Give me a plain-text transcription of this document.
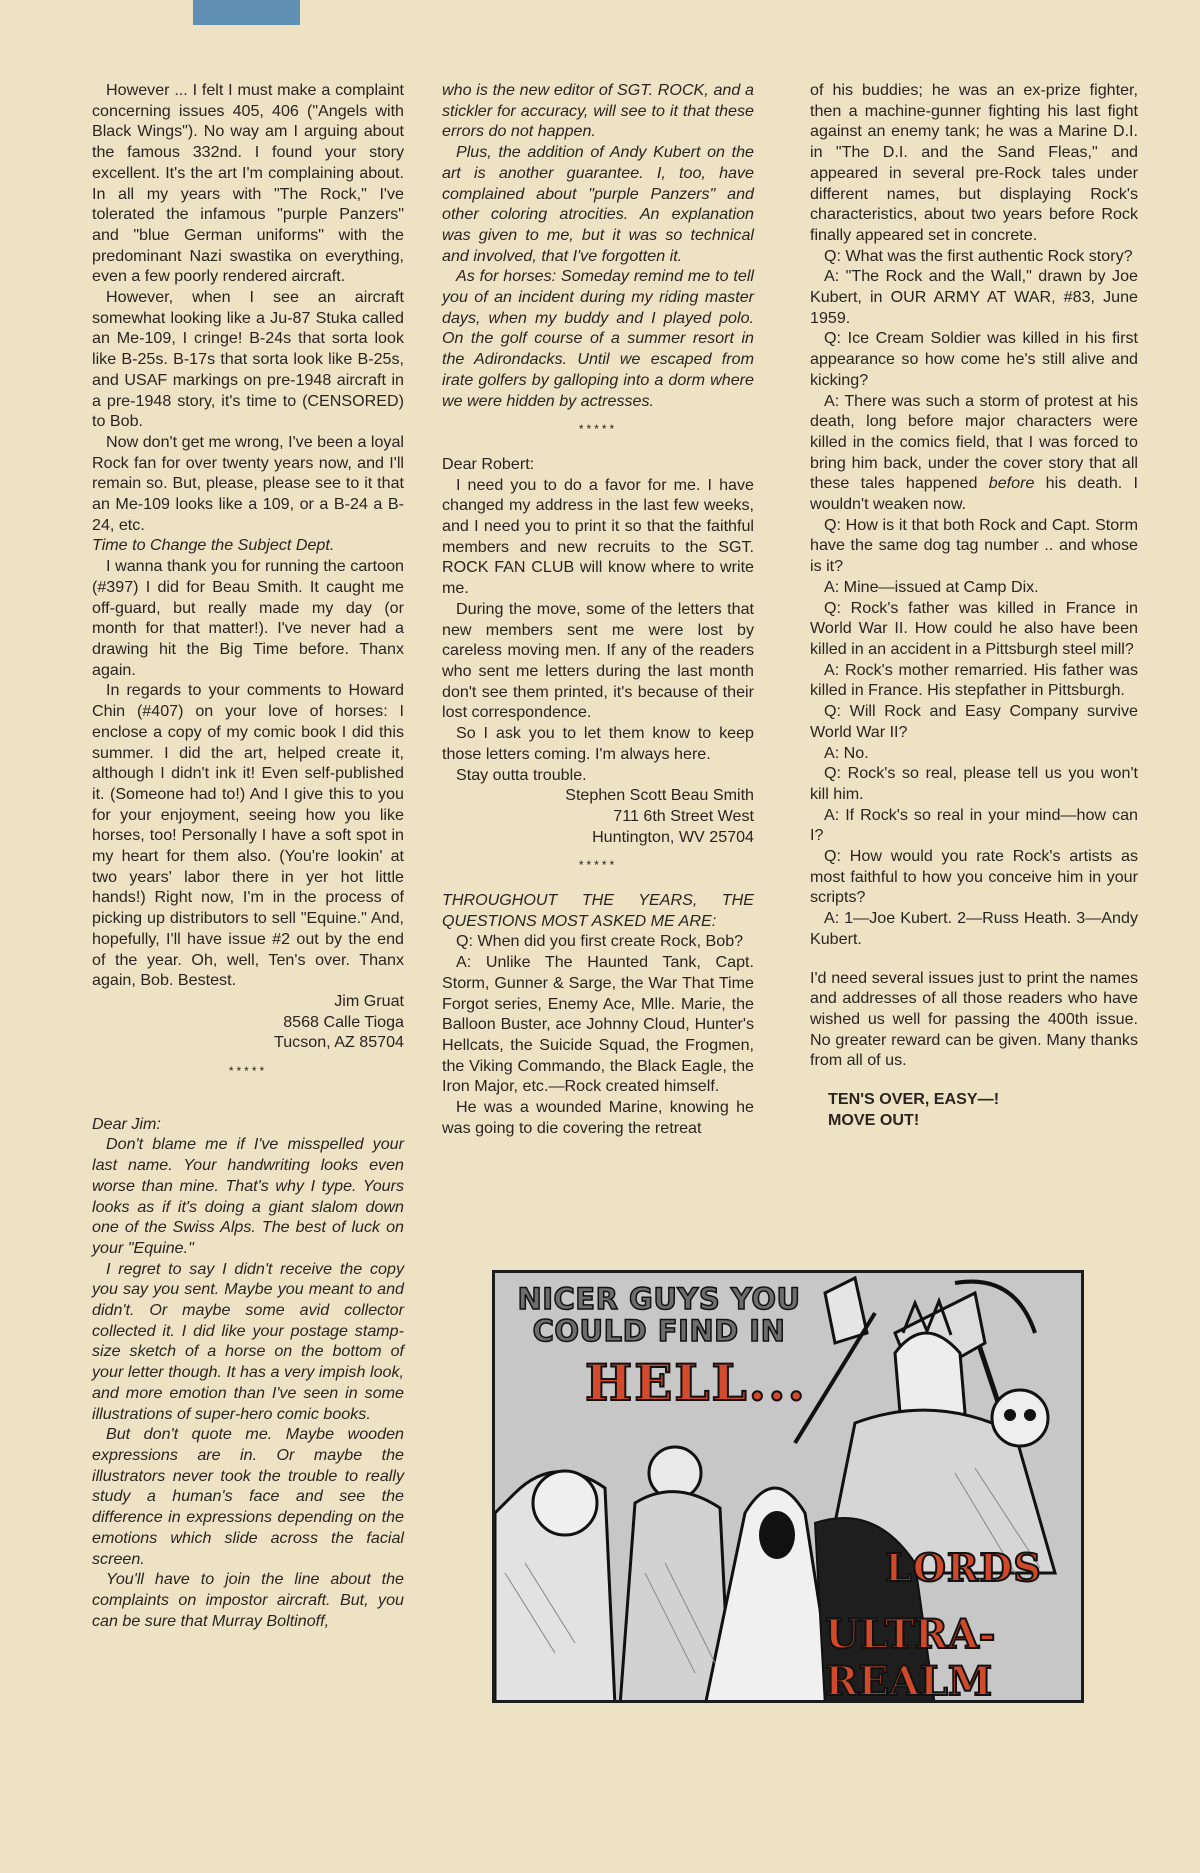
However ... I felt I must make a complaint concerning issues 405, 406 ("Angels with Black Wings"). No way am I arguing about the famous 332nd. I found your story excellent. It's the art I'm complaining about. In all my years with "The Rock," I've tolerated the infamous "purple Panzers" and "blue German uniforms" with the predominant Nazi swastika on everything, even a few poorly rendered aircraft.

However, when I see an aircraft somewhat looking like a Ju-87 Stuka called an Me-109, I cringe! B-24s that sorta look like B-25s. B-17s that sorta look like B-25s, and USAF markings on pre-1948 aircraft in a pre-1948 story, it's time to (CENSORED) to Bob.

Now don't get me wrong, I've been a loyal Rock fan for over twenty years now, and I'll remain so. But, please, please see to it that an Me-109 looks like a 109, or a B-24 a B-24, etc.

Time to Change the Subject Dept.

I wanna thank you for running the cartoon (#397) I did for Beau Smith. It caught me off-guard, but really made my day (or month for that matter!). I've never had a drawing hit the Big Time before. Thanx again.

In regards to your comments to Howard Chin (#407) on your love of horses: I enclose a copy of my comic book I did this summer. I did the art, helped create it, although I didn't ink it! Even self-published it. (Someone had to!) And I give this to you for your enjoyment, seeing how you like horses, too! Personally I have a soft spot in my heart for them also. (You're lookin' at two years' labor there in yer hot little hands!) Right now, I'm in the process of picking up distributors to sell "Equine." And, hopefully, I'll have issue #2 out by the end of the year. Oh, well, Ten's over. Thanx again, Bob. Bestest.

Jim Gruat

8568 Calle Tioga

Tucson, AZ 85704

*****

Dear Jim:

Don't blame me if I've misspelled your last name. Your handwriting looks even worse than mine. That's why I type. Yours looks as if it's doing a giant slalom down one of the Swiss Alps. The best of luck on your "Equine."

I regret to say I didn't receive the copy you say you sent. Maybe you meant to and didn't. Or maybe some avid collector collected it. I did like your postage stamp-size sketch of a horse on the bottom of your letter though. It has a very impish look, and more emotion than I've seen in some illustrations of super-hero comic books.

But don't quote me. Maybe wooden expressions are in. Or maybe the illustrators never took the trouble to really study a human's face and see the difference in expressions depending on the emotions which slide across the facial screen.

You'll have to join the line about the complaints on impostor aircraft. But, you can be sure that Murray Boltinoff,

who is the new editor of SGT. ROCK, and a stickler for accuracy, will see to it that these errors do not happen.

Plus, the addition of Andy Kubert on the art is another guarantee. I, too, have complained about "purple Panzers" and other coloring atrocities. An explanation was given to me, but it was so technical and involved, that I've forgotten it.

As for horses: Someday remind me to tell you of an incident during my riding master days, when my buddy and I played polo. On the golf course of a summer resort in the Adirondacks. Until we escaped from irate golfers by galloping into a dorm where we were hidden by actresses.

*****

Dear Robert:

I need you to do a favor for me. I have changed my address in the last few weeks, and I need you to print it so that the faithful members and new recruits to the SGT. ROCK FAN CLUB will know where to write me.

During the move, some of the letters that new members sent me were lost by careless moving men. If any of the readers who sent me letters during the last month don't see them printed, it's because of their lost correspondence.

So I ask you to let them know to keep those letters coming. I'm always here.

Stay outta trouble.

Stephen Scott Beau Smith

711 6th Street West

Huntington, WV 25704

*****

THROUGHOUT THE YEARS, THE QUESTIONS MOST ASKED ME ARE:

Q: When did you first create Rock, Bob?

A: Unlike The Haunted Tank, Capt. Storm, Gunner & Sarge, the War That Time Forgot series, Enemy Ace, Mlle. Marie, the Balloon Buster, ace Johnny Cloud, Hunter's Hellcats, the Suicide Squad, the Frogmen, the Viking Commando, the Black Eagle, the Iron Major, etc.—Rock created himself.

He was a wounded Marine, knowing he was going to die covering the retreat

of his buddies; he was an ex-prize fighter, then a machine-gunner fighting his last fight against an enemy tank; he was a Marine D.I. in "The D.I. and the Sand Fleas," and appeared in several pre-Rock tales under different names, but displaying Rock's characteristics, about two years before Rock finally appeared set in concrete.

Q: What was the first authentic Rock story?

A: "The Rock and the Wall," drawn by Joe Kubert, in OUR ARMY AT WAR, #83, June 1959.

Q: Ice Cream Soldier was killed in his first appearance so how come he's still alive and kicking?

A: There was such a storm of protest at his death, long before major characters were killed in the comics field, that I was forced to bring him back, under the cover story that all these tales happened before his death. I wouldn't weaken now.

Q: How is it that both Rock and Capt. Storm have the same dog tag number .. and whose is it?

A: Mine—issued at Camp Dix.

Q: Rock's father was killed in France in World War II. How could he also have been killed in an accident in a Pittsburgh steel mill?

A: Rock's mother remarried. His father was killed in France. His stepfather in Pittsburgh.

Q: Will Rock and Easy Company survive World War II?

A: No.

Q: Rock's so real, please tell us you won't kill him.

A: If Rock's so real in your mind—how can I?

Q: How would you rate Rock's artists as most faithful to how you conceive him in your scripts?

A: 1—Joe Kubert. 2—Russ Heath. 3—Andy Kubert.

I'd need several issues just to print the names and addresses of all those readers who have wished us well for passing the 400th issue. No greater reward can be given. Many thanks from all of us.

TEN'S OVER, EASY—!

MOVE OUT!

NICER GUYS YOU
COULD FIND IN
HELL...
LORDS
ULTRA-REALM
